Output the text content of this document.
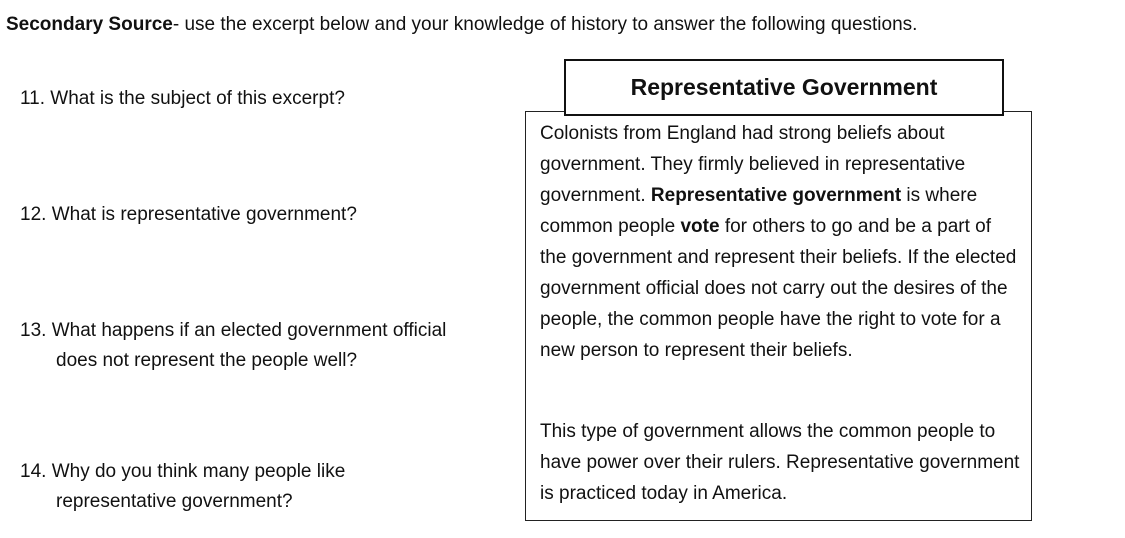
Secondary Source- use the excerpt below and your knowledge of history to answer the following questions.
11. What is the subject of this excerpt?
12. What is representative government?
13. What happens if an elected government official
does not represent the people well?
14. Why do you think many people like
representative government?
Colonists from England had strong beliefs about government. They firmly believed in representative government. Representative government is where common people vote for others to go and be a part of the government and represent their beliefs. If the elected government official does not carry out the desires of the people, the common people have the right to vote for a new person to represent their beliefs.
This type of government allows the common people to have power over their rulers. Representative government is practiced today in America.
Representative Government
